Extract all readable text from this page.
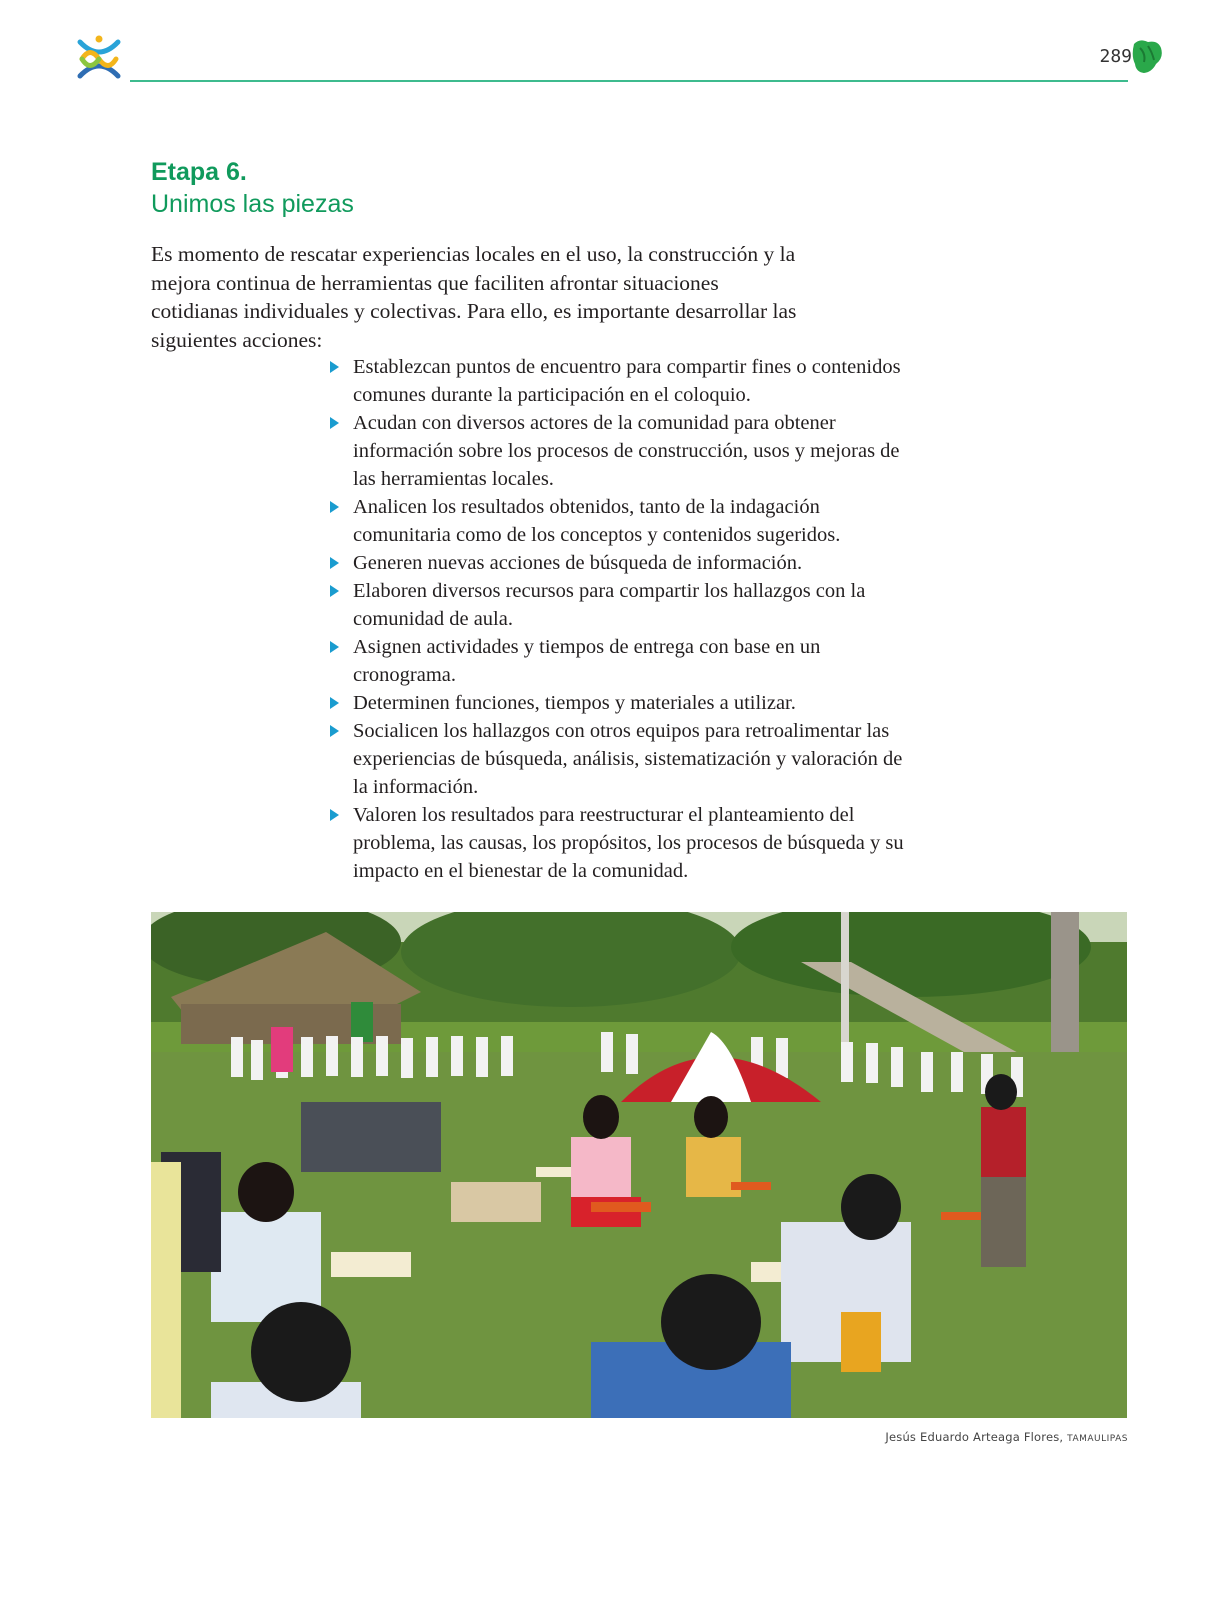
289
Etapa 6.
Unimos las piezas

Es momento de rescatar experiencias locales en el uso, la construcción y la mejora continua de herramientas que faciliten afrontar situaciones cotidianas individuales y colectivas. Para ello, es importante desarrollar las siguientes acciones:

Establezcan puntos de encuentro para compartir fines o contenidos comunes durante la participación en el coloquio.
Acudan con diversos actores de la comunidad para obtener información sobre los procesos de construcción, usos y mejoras de las herramientas locales.
Analicen los resultados obtenidos, tanto de la indagación comunitaria como de los conceptos y contenidos sugeridos.
Generen nuevas acciones de búsqueda de información.
Elaboren diversos recursos para compartir los hallazgos con la comunidad de aula.
Asignen actividades y tiempos de entrega con base en un cronograma.
Determinen funciones, tiempos y materiales a utilizar.
Socialicen los hallazgos con otros equipos para retroalimentar las experiencias de búsqueda, análisis, sistematización y valoración de la información.
Valoren los resultados para reestructurar el planteamiento del problema, las causas, los propósitos, los procesos de búsqueda y su impacto en el bienestar de la comunidad.
Jesús Eduardo Arteaga Flores, TAMAULIPAS
